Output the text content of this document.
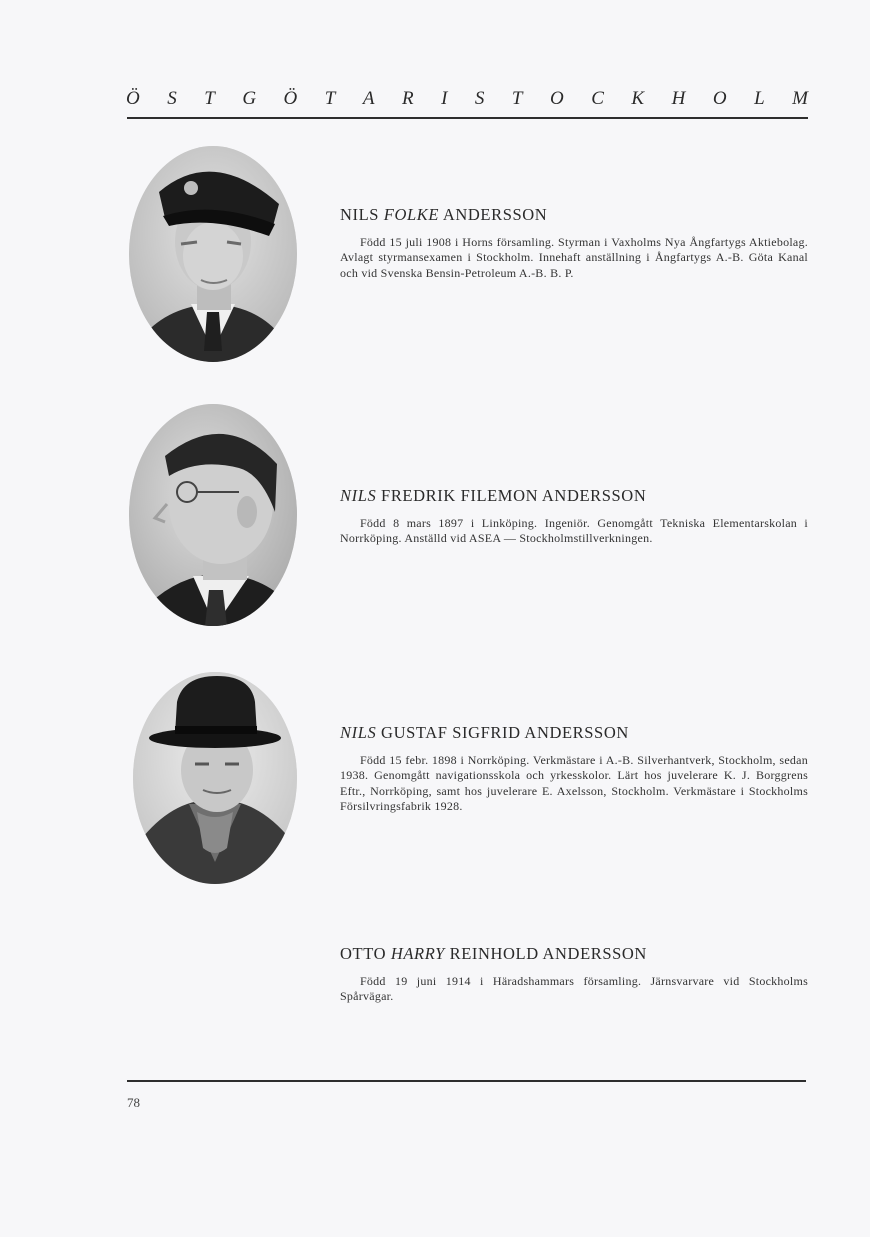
Ö S T G Ö T A R I S T O C K H O L M

NILS FOLKE ANDERSSON

Född 15 juli 1908 i Horns församling. Styrman i Vaxholms Nya Ångfartygs Aktiebolag. Avlagt styrmansexamen i Stockholm. Innehaft anställning i Ångfartygs A.-B. Göta Kanal och vid Svenska Bensin-Petroleum A.-B. B. P.

NILS FREDRIK FILEMON ANDERSSON

Född 8 mars 1897 i Linköping. Ingeniör. Genomgått Tekniska Elementarskolan i Norrköping. Anställd vid ASEA — Stockholmstillverkningen.

NILS GUSTAF SIGFRID ANDERSSON

Född 15 febr. 1898 i Norrköping. Verkmästare i A.-B. Silverhantverk, Stockholm, sedan 1938. Genomgått navigationsskola och yrkesskolor. Lärt hos juvelerare K. J. Borggrens Eftr., Norrköping, samt hos juvelerare E. Axelsson, Stockholm. Verkmästare i Stockholms Försilvringsfabrik 1928.

OTTO HARRY REINHOLD ANDERSSON

Född 19 juni 1914 i Häradshammars församling. Järnsvarvare vid Stockholms Spårvägar.

78
